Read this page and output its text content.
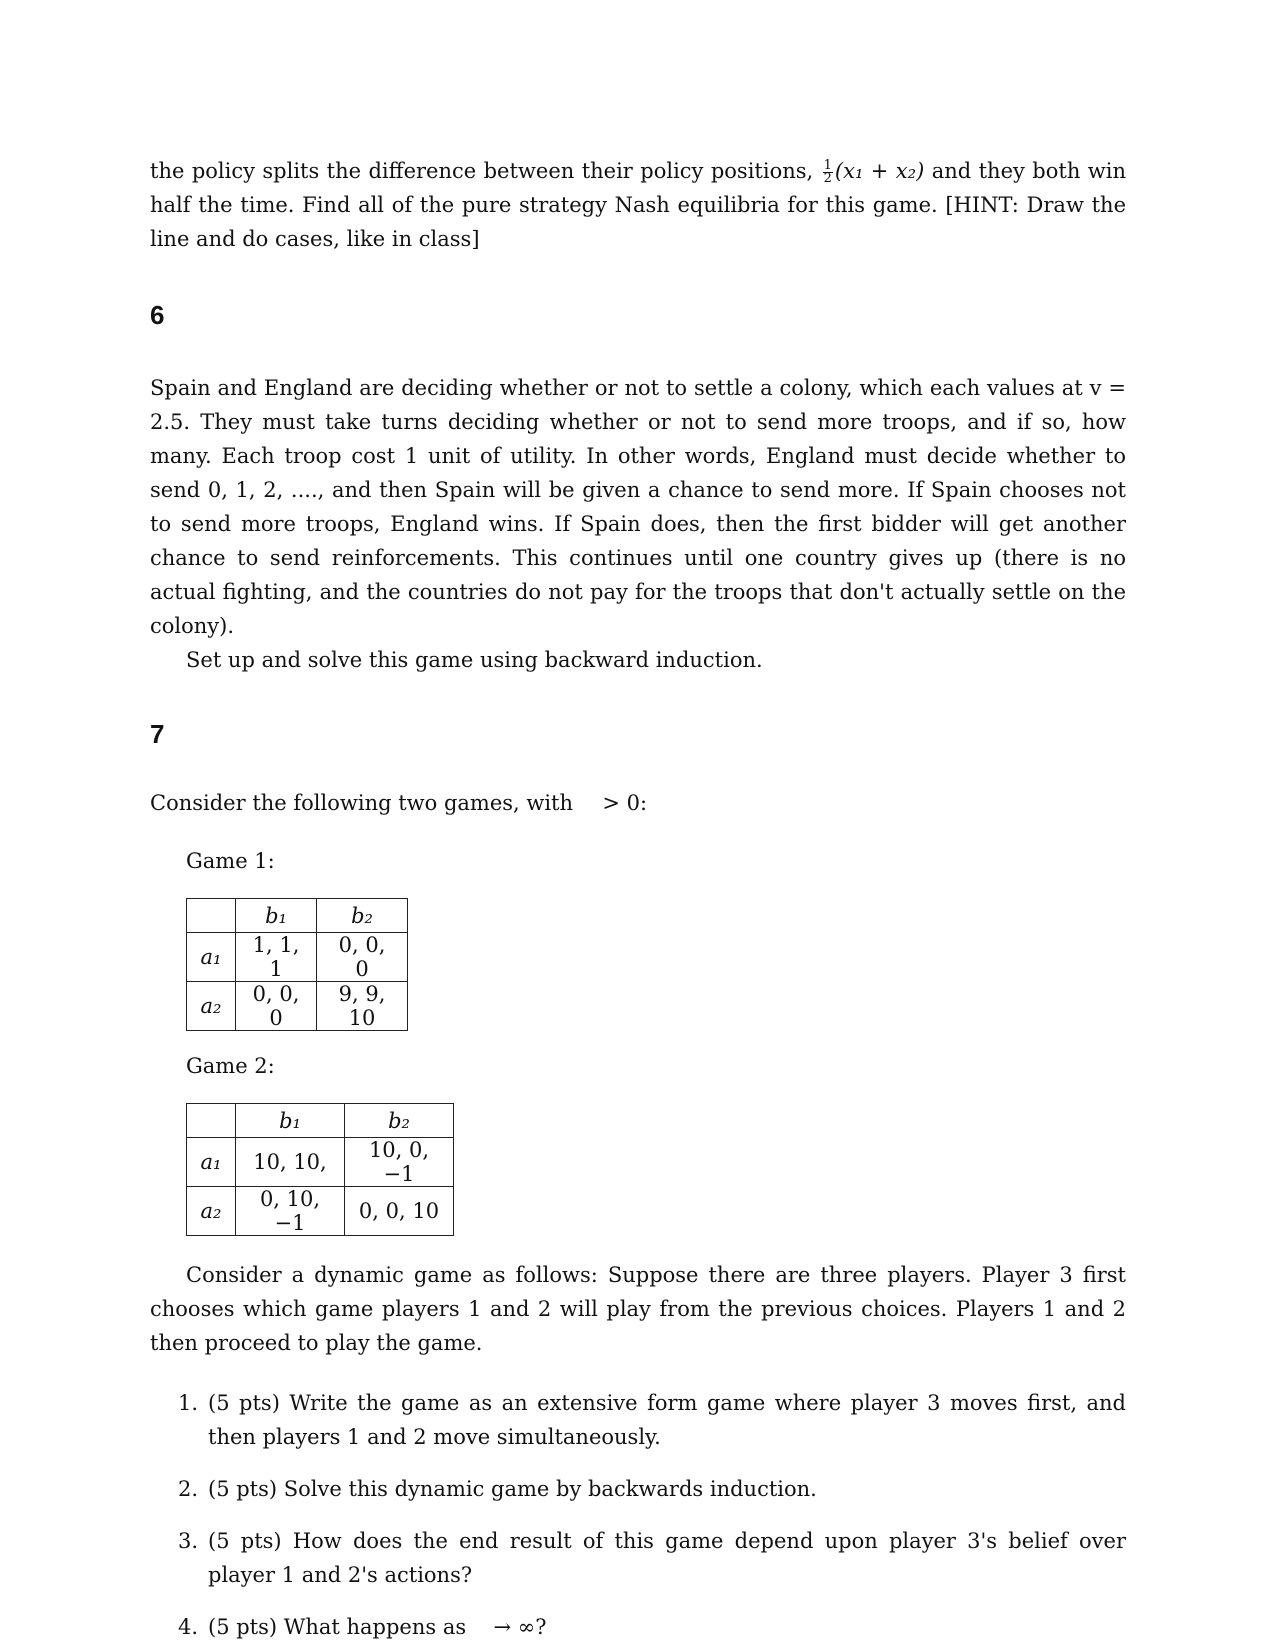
the policy splits the difference between their policy positions, $\frac{1}{2} (x_1 + x_2)$ and they both win half the time. Find all of the pure strategy Nash equilibria for this game. [HINT: Draw the line and do cases, like in class]

6

Spain and England are deciding whether or not to settle a colony, which each values at v = 2.5. They must take turns deciding whether or not to send more troops, and if so, how many. Each troop cost 1 unit of utility. In other words, England must decide whether to send 0, 1, 2, ...., and then Spain will be given a chance to send more. If Spain chooses not to send more troops, England wins. If Spain does, then the first bidder will get another chance to send reinforcements. This continues until one country gives up (there is no actual fighting, and the countries do not pay for the troops that don't actually settle on the colony).

Set up and solve this game using backward induction.

7

Consider the following two games, with > 0:

Game 1:

	b₁	b₂
a₁	1, 1, 1	0, 0, 0
a₂	0, 0, 0	9, 9, 10

Game 2:

	b₁	b₂
a₁	10, 10,	10, 0, −1
a₂	0, 10, −1	0, 0, 10

Consider a dynamic game as follows: Suppose there are three players. Player 3 first chooses which game players 1 and 2 will play from the previous choices. Players 1 and 2 then proceed to play the game.

1. (5 pts) Write the game as an extensive form game where player 3 moves first, and then players 1 and 2 move simultaneously.
2. (5 pts) Solve this dynamic game by backwards induction.
3. (5 pts) How does the end result of this game depend upon player 3's belief over player 1 and 2's actions?
4. (5 pts) What happens as → ∞?
